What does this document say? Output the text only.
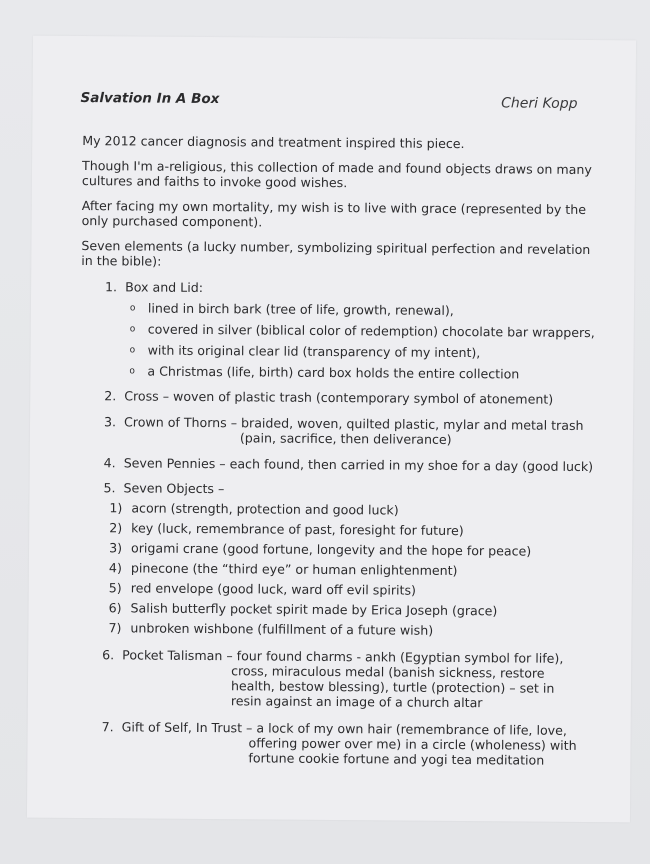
Salvation In A Box	Cheri Kopp
My 2012 cancer diagnosis and treatment inspired this piece.
Though I'm a-religious, this collection of made and found objects draws on many
cultures and faiths to invoke good wishes.
After facing my own mortality, my wish is to live with grace (represented by the
only purchased component).
Seven elements (a lucky number, symbolizing spiritual perfection and revelation
in the bible):
1. Box and Lid:
o lined in birch bark (tree of life, growth, renewal),
o covered in silver (biblical color of redemption) chocolate bar wrappers,
o with its original clear lid (transparency of my intent),
o a Christmas (life, birth) card box holds the entire collection
2. Cross – woven of plastic trash (contemporary symbol of atonement)
3. Crown of Thorns – braided, woven, quilted plastic, mylar and metal trash
(pain, sacrifice, then deliverance)
4. Seven Pennies – each found, then carried in my shoe for a day (good luck)
5. Seven Objects –
1) acorn (strength, protection and good luck)
2) key (luck, remembrance of past, foresight for future)
3) origami crane (good fortune, longevity and the hope for peace)
4) pinecone (the “third eye” or human enlightenment)
5) red envelope (good luck, ward off evil spirits)
6) Salish butterfly pocket spirit made by Erica Joseph (grace)
7) unbroken wishbone (fulfillment of a future wish)
6. Pocket Talisman – four found charms - ankh (Egyptian symbol for life),
cross, miraculous medal (banish sickness, restore
health, bestow blessing), turtle (protection) – set in
resin against an image of a church altar
7. Gift of Self, In Trust – a lock of my own hair (remembrance of life, love,
offering power over me) in a circle (wholeness) with
fortune cookie fortune and yogi tea meditation
